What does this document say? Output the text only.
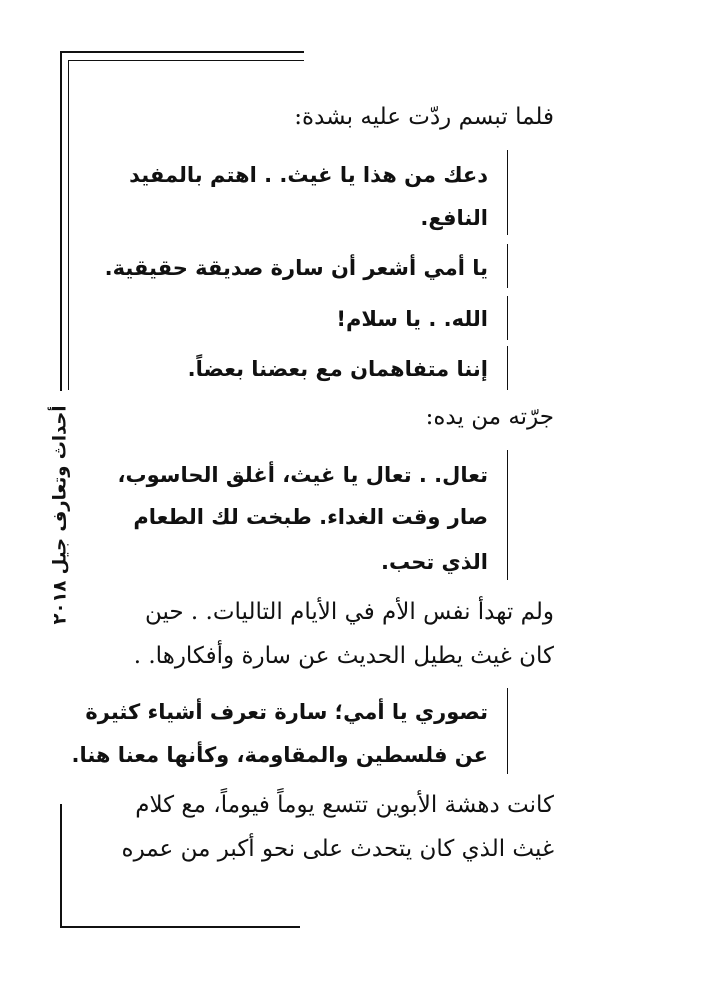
أحداث وتعارف جيل ٢٠١٨
فلما تبسم ردّت عليه بشدة:
دعك من هذا يا غيث. . اهتم بالمفيد
النافع.
يا أمي أشعر أن سارة صديقة حقيقية.
الله. . يا سلام!
إننا متفاهمان مع بعضنا بعضاً.
جرّته من يده:
تعال. . تعال يا غيث، أغلق الحاسوب،
صار وقت الغداء. طبخت لك الطعام
الذي تحب.
ولم تهدأ نفس الأم في الأيام التاليات. . حين
كان غيث يطيل الحديث عن سارة وأفكارها. .
تصوري يا أمي؛ سارة تعرف أشياء كثيرة
عن فلسطين والمقاومة، وكأنها معنا هنا.
كانت دهشة الأبوين تتسع يوماً فيوماً، مع كلام
غيث الذي كان يتحدث على نحو أكبر من عمره
